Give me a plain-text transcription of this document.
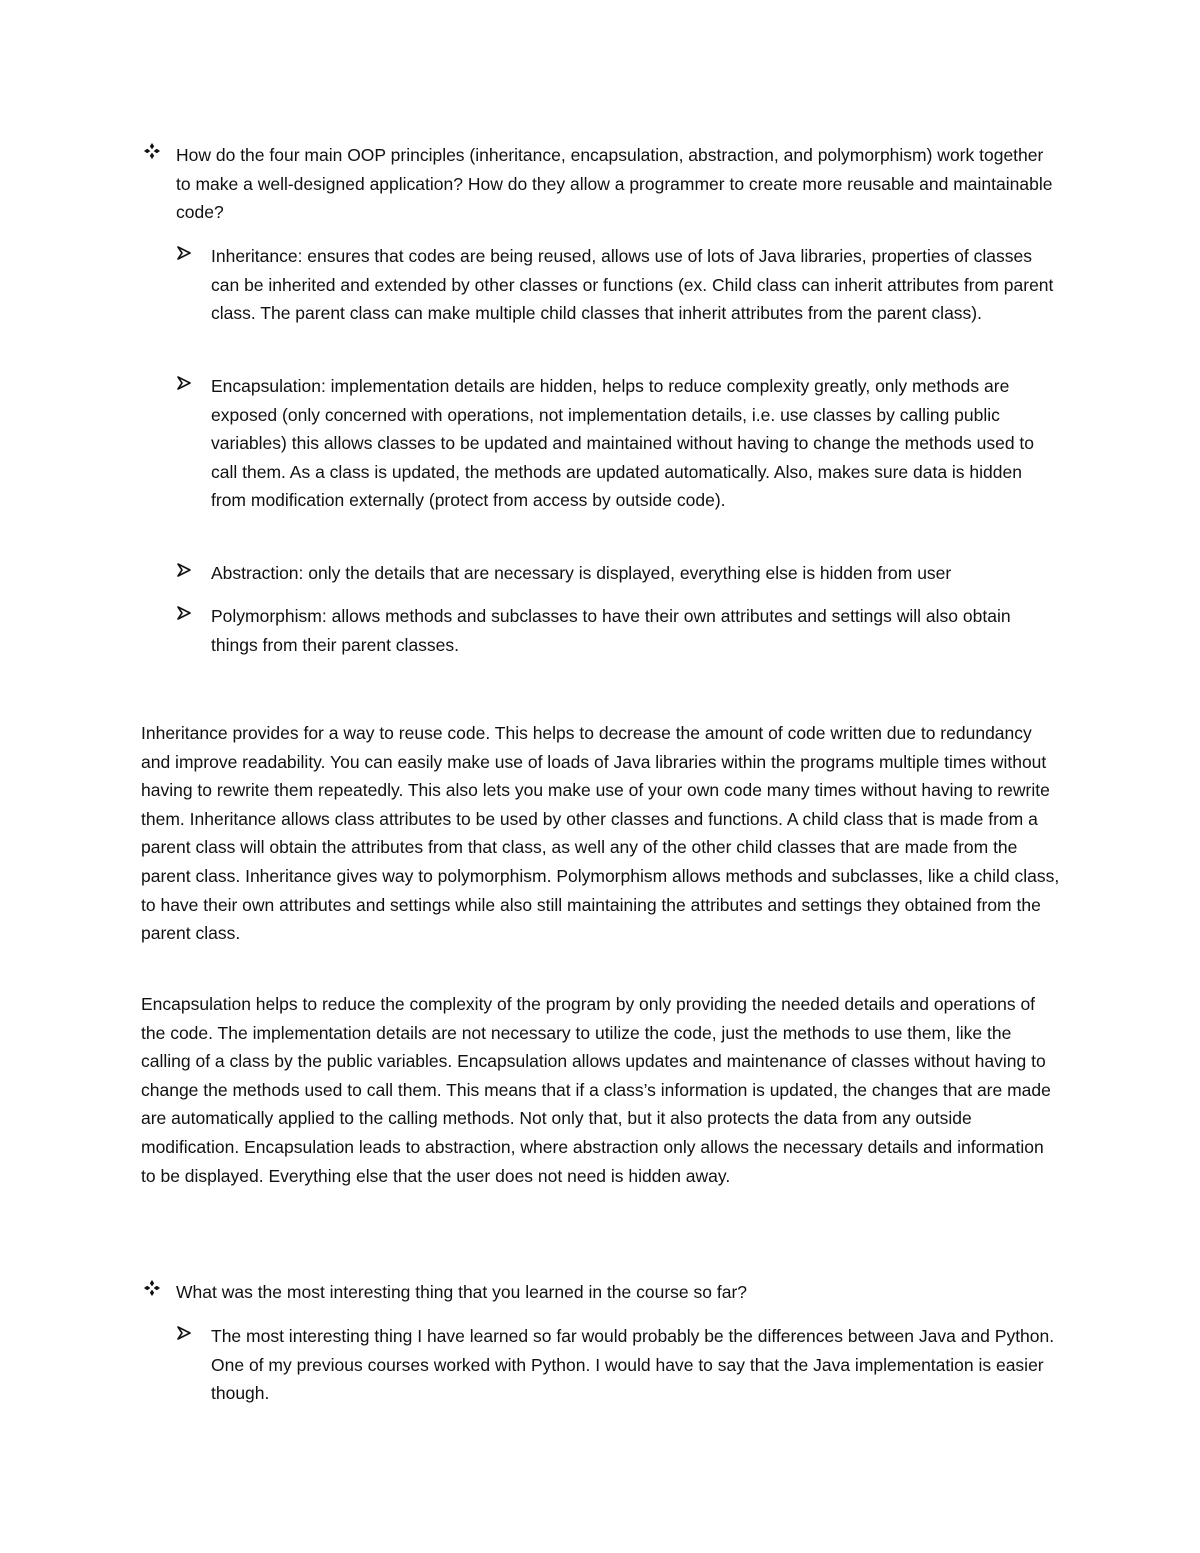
How do the four main OOP principles (inheritance, encapsulation, abstraction, and polymorphism) work together to make a well-designed application? How do they allow a programmer to create more reusable and maintainable code?

Inheritance: ensures that codes are being reused, allows use of lots of Java libraries, properties of classes can be inherited and extended by other classes or functions (ex. Child class can inherit attributes from parent class. The parent class can make multiple child classes that inherit attributes from the parent class).

Encapsulation: implementation details are hidden, helps to reduce complexity greatly, only methods are exposed (only concerned with operations, not implementation details, i.e. use classes by calling public variables) this allows classes to be updated and maintained without having to change the methods used to call them. As a class is updated, the methods are updated automatically. Also, makes sure data is hidden from modification externally (protect from access by outside code).

Abstraction: only the details that are necessary is displayed, everything else is hidden from user

Polymorphism: allows methods and subclasses to have their own attributes and settings will also obtain things from their parent classes.

Inheritance provides for a way to reuse code. This helps to decrease the amount of code written due to redundancy and improve readability. You can easily make use of loads of Java libraries within the programs multiple times without having to rewrite them repeatedly. This also lets you make use of your own code many times without having to rewrite them. Inheritance allows class attributes to be used by other classes and functions. A child class that is made from a parent class will obtain the attributes from that class, as well any of the other child classes that are made from the parent class. Inheritance gives way to polymorphism. Polymorphism allows methods and subclasses, like a child class, to have their own attributes and settings while also still maintaining the attributes and settings they obtained from the parent class.

Encapsulation helps to reduce the complexity of the program by only providing the needed details and operations of the code. The implementation details are not necessary to utilize the code, just the methods to use them, like the calling of a class by the public variables. Encapsulation allows updates and maintenance of classes without having to change the methods used to call them. This means that if a class’s information is updated, the changes that are made are automatically applied to the calling methods. Not only that, but it also protects the data from any outside modification. Encapsulation leads to abstraction, where abstraction only allows the necessary details and information to be displayed. Everything else that the user does not need is hidden away.

What was the most interesting thing that you learned in the course so far?

The most interesting thing I have learned so far would probably be the differences between Java and Python. One of my previous courses worked with Python. I would have to say that the Java implementation is easier though.
